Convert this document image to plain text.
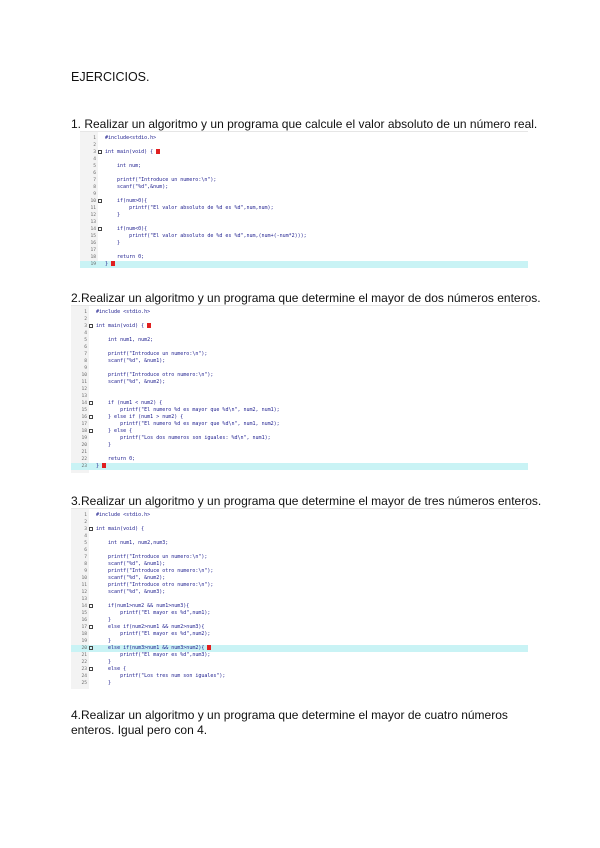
EJERCICIOS.
1. Realizar un algoritmo y un programa que calcule el valor absoluto de un número real.
1 #include<stdio.h>
2
3 int main(void) {
4
5 int num;
6
7 printf("Introduce un numero:\n");
8 scanf("%d",&num);
9
10 if(num>0){
11 printf("El valor absoluto de %d es %d",num,num);
12 }
13
14 if(num<0){
15 printf("El valor absoluto de %d es %d",num,(num+(-num*2)));
16 }
17
18 return 0;
19 }
2.Realizar un algoritmo y un programa que determine el mayor de dos números enteros.
1 #include <stdio.h>
2
3 int main(void) {
4
5 int num1, num2;
6
7 printf("Introduce un numero:\n");
8 scanf("%d", &num1);
9
10 printf("Introduce otro numero:\n");
11 scanf("%d", &num2);
12
13
14 if (num1 < num2) {
15 printf("El numero %d es mayor que %d\n", num2, num1);
16 } else if (num1 > num2) {
17 printf("El numero %d es mayor que %d\n", num1, num2);
18 } else {
19 printf("Los dos numeros son iguales: %d\n", num1);
20 }
21
22 return 0;
23 }
3.Realizar un algoritmo y un programa que determine el mayor de tres números enteros.
1 #include <stdio.h>
2
3 int main(void) {
4
5 int num1, num2,num3;
6
7 printf("Introduce un numero:\n");
8 scanf("%d", &num1);
9 printf("Introduce otro numero:\n");
10 scanf("%d", &num2);
11 printf("Introduce otro numero:\n");
12 scanf("%d", &num3);
13
14 if(num1>num2 && num1>num3){
15 printf("El mayor es %d",num1);
16 }
17 else if(num2>num1 && num2>num3){
18 printf("El mayor es %d",num2);
19 }
20 else if(num3>num1 && num3>num2){
21 printf("El mayor es %d",num3);
22 }
23 else {
24 printf("Los tres num son iguales");
25 }
4.Realizar un algoritmo y un programa que determine el mayor de cuatro números enteros. Igual pero con 4.
